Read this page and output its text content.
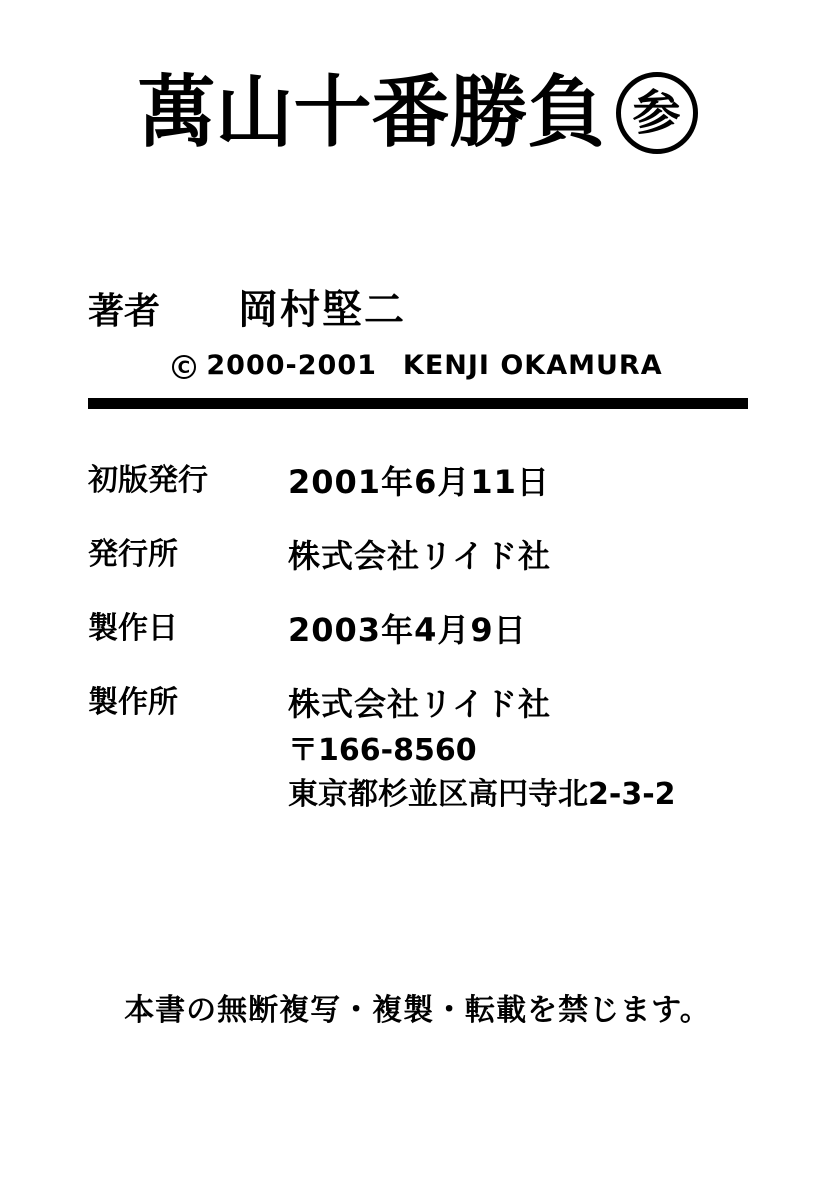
萬山十番勝負 参
著者	岡村堅二
C 2000-2001 KENJI OKAMURA
初版発行	2001年6月11日
発行所	株式会社リイド社
製作日	2003年4月9日
製作所	株式会社リイド社
〒166-8560
東京都杉並区高円寺北2-3-2
本書の無断複写・複製・転載を禁じます。
